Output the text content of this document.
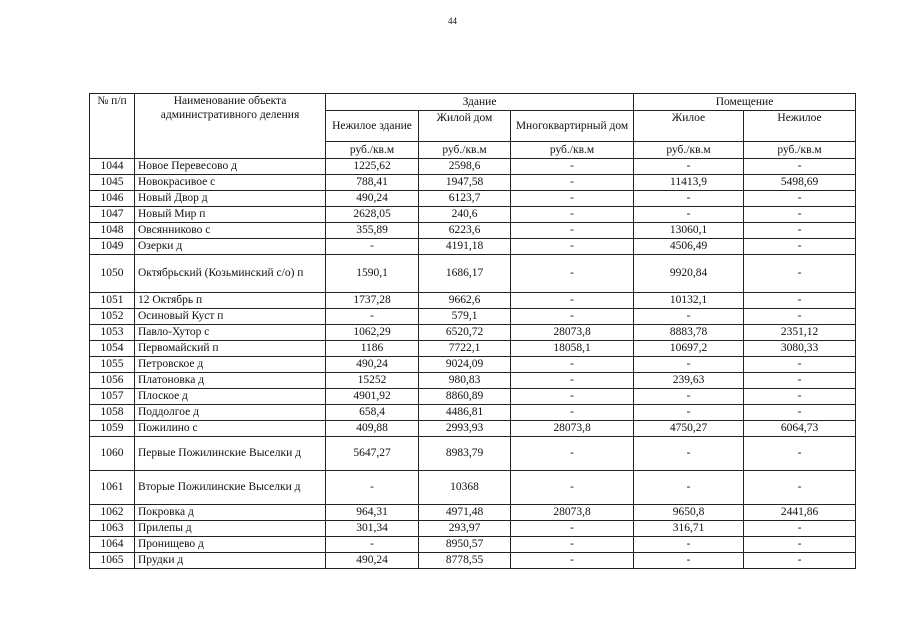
44
№ п/п	Наименование объекта административного деления	Здание			Помещение	
		Нежилое здание	Жилой дом	Многоквартирный дом	Жилое	Нежилое
		руб./кв.м	руб./кв.м	руб./кв.м	руб./кв.м	руб./кв.м
1044	Новое Перевесово д	1225,62	2598,6	-	-	-
1045	Новокрасивое с	788,41	1947,58	-	11413,9	5498,69
1046	Новый Двор д	490,24	6123,7	-	-	-
1047	Новый Мир п	2628,05	240,6	-	-	-
1048	Овсянниково с	355,89	6223,6	-	13060,1	-
1049	Озерки д	-	4191,18	-	4506,49	-
1050	Октябрьский (Козьминский с/о) п	1590,1	1686,17	-	9920,84	-
1051	12 Октябрь п	1737,28	9662,6	-	10132,1	-
1052	Осиновый Куст п	-	579,1	-	-	-
1053	Павло-Хутор с	1062,29	6520,72	28073,8	8883,78	2351,12
1054	Первомайский п	1186	7722,1	18058,1	10697,2	3080,33
1055	Петровское д	490,24	9024,09	-	-	-
1056	Платоновка д	15252	980,83	-	239,63	-
1057	Плоское д	4901,92	8860,89	-	-	-
1058	Поддолгое д	658,4	4486,81	-	-	-
1059	Пожилино с	409,88	2993,93	28073,8	4750,27	6064,73
1060	Первые Пожилинские Выселки д	5647,27	8983,79	-	-	-
1061	Вторые Пожилинские Выселки д	-	10368	-	-	-
1062	Покровка д	964,31	4971,48	28073,8	9650,8	2441,86
1063	Прилепы д	301,34	293,97	-	316,71	-
1064	Пронищево д	-	8950,57	-	-	-
1065	Прудки д	490,24	8778,55	-	-	-
